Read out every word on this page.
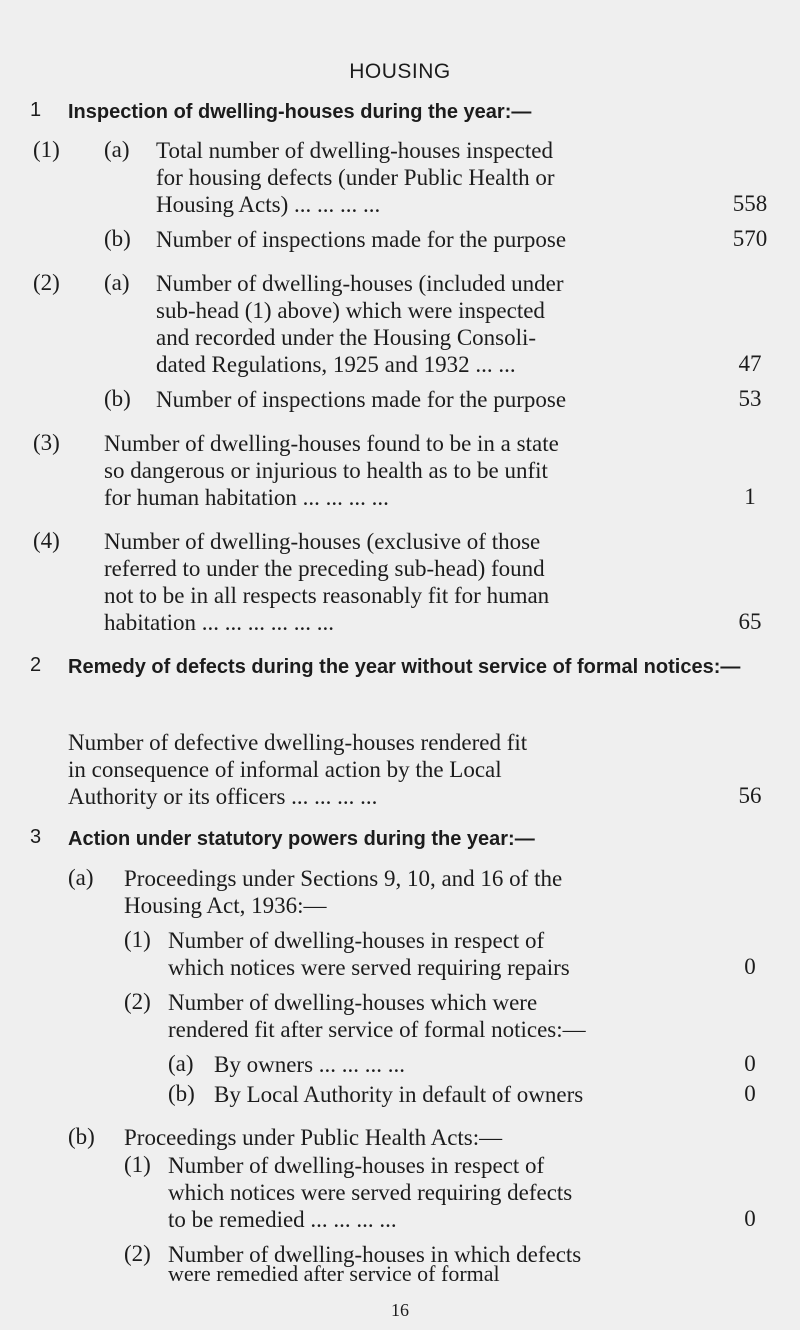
HOUSING
1 Inspection of dwelling-houses during the year:—
(1) (a) Total number of dwelling-houses inspected
for housing defects (under Public Health or
Housing Acts) ... ... ... ...	558
(b) Number of inspections made for the purpose	570
(2) (a) Number of dwelling-houses (included under
sub-head (1) above) which were inspected
and recorded under the Housing Consoli-
dated Regulations, 1925 and 1932 ... ...	47
(b) Number of inspections made for the purpose	53
(3) Number of dwelling-houses found to be in a state
so dangerous or injurious to health as to be unfit
for human habitation ... ... ... ...	1
(4) Number of dwelling-houses (exclusive of those
referred to under the preceding sub-head) found
not to be in all respects reasonably fit for human
habitation ... ... ... ... ... ...	65
2 Remedy of defects during the year without service of formal notices:—
Number of defective dwelling-houses rendered fit
in consequence of informal action by the Local
Authority or its officers ... ... ... ...	56
3 Action under statutory powers during the year:—
(a) Proceedings under Sections 9, 10, and 16 of the
Housing Act, 1936:—
(1) Number of dwelling-houses in respect of
which notices were served requiring repairs	0
(2) Number of dwelling-houses which were
rendered fit after service of formal notices:—
(a) By owners ... ... ... ...	0
(b) By Local Authority in default of owners	0
(b) Proceedings under Public Health Acts:—
(1) Number of dwelling-houses in respect of
which notices were served requiring defects
to be remedied ... ... ... ...	0
(2) Number of dwelling-houses in which defects
16
were remedied after service of formal
